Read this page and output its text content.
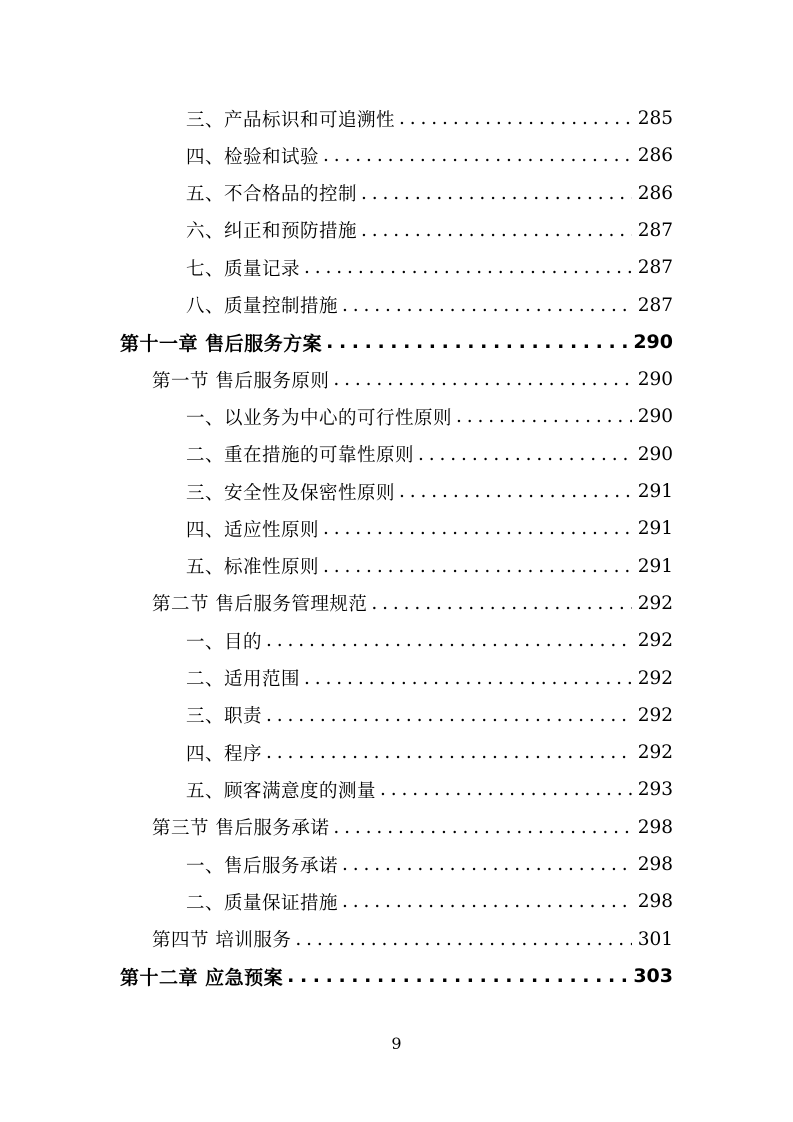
三、产品标识和可追溯性 . . .	285
四、检验和试验 . . .	286
五、不合格品的控制 . . .	286
六、纠正和预防措施 . . .	287
七、质量记录 . . .	287
八、质量控制措施 . . .	287
第十一章 售后服务方案 . . .	290
第一节 售后服务原则 . . .	290
一、以业务为中心的可行性原则 . . .	290
二、重在措施的可靠性原则 . . .	290
三、安全性及保密性原则 . . .	291
四、适应性原则 . . .	291
五、标准性原则 . . .	291
第二节 售后服务管理规范 . . .	292
一、目的 . . .	292
二、适用范围 . . .	292
三、职责 . . .	292
四、程序 . . .	292
五、顾客满意度的测量 . . .	293
第三节 售后服务承诺 . . .	298
一、售后服务承诺 . . .	298
二、质量保证措施 . . .	298
第四节 培训服务 . . .	301
第十二章 应急预案 . . .	303
9
